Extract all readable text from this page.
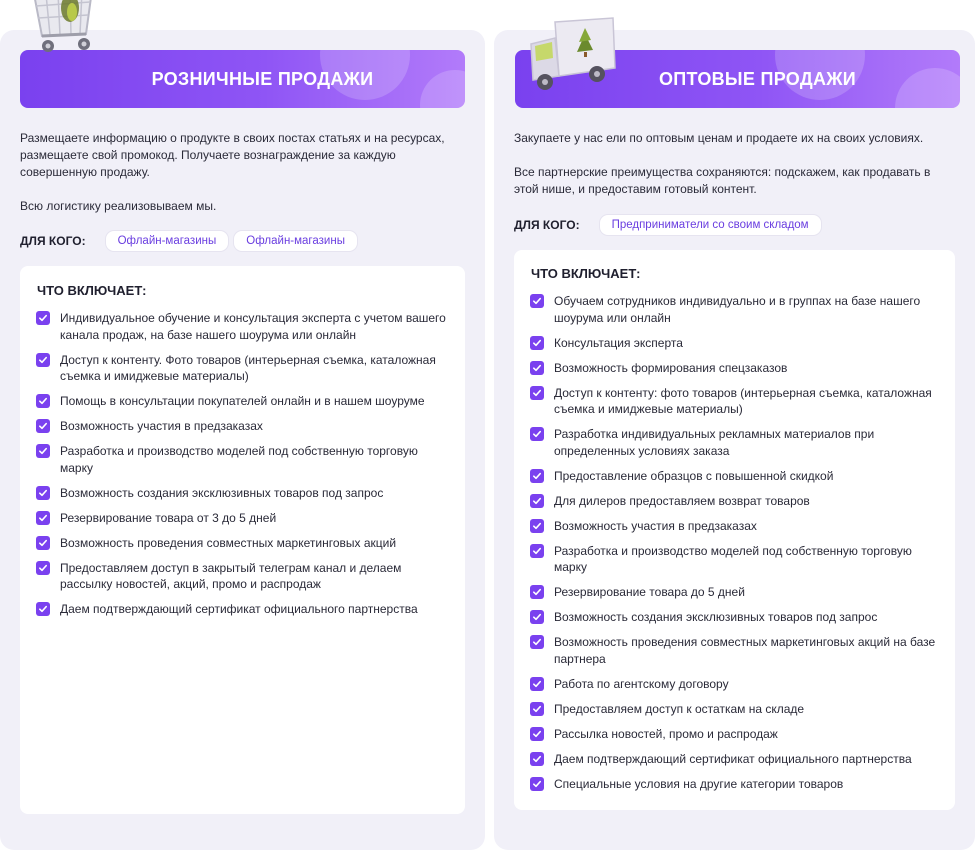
РОЗНИЧНЫЕ ПРОДАЖИ

Размещаете информацию о продукте в своих постах статьях и на ресурсах, размещаете свой промокод. Получаете вознаграждение за каждую совершенную продажу.

Всю логистику реализовываем мы.

ДЛЯ КОГО:	Офлайн-магазины	Офлайн-магазины
ЧТО ВКЛЮЧАЕТ:
Индивидуальное обучение и консультация эксперта с учетом вашего канала продаж, на базе нашего шоурума или онлайн
Доступ к контенту. Фото товаров (интерьерная съемка, каталожная съемка и имиджевые материалы)
Помощь в консультации покупателей онлайн и в нашем шоуруме
Возможность участия в предзаказах
Разработка и производство моделей под собственную торговую марку
Возможность создания эксклюзивных товаров под запрос
Резервирование товара от 3 до 5 дней
Возможность проведения совместных маркетинговых акций
Предоставляем доступ в закрытый телеграм канал и делаем рассылку новостей, акций, промо и распродаж
Даем подтверждающий сертификат официального партнерства
ОПТОВЫЕ ПРОДАЖИ

Закупаете у нас ели по оптовым ценам и продаете их на своих условиях.

Все партнерские преимущества сохраняются: подскажем, как продавать в этой нише, и предоставим готовый контент.

ДЛЯ КОГО:	Предприниматели со своим складом
ЧТО ВКЛЮЧАЕТ:
Обучаем сотрудников индивидуально и в группах на базе нашего шоурума или онлайн
Консультация эксперта
Возможность формирования спецзаказов
Доступ к контенту: фото товаров (интерьерная съемка, каталожная съемка и имиджевые материалы)
Разработка индивидуальных рекламных материалов при определенных условиях заказа
Предоставление образцов с повышенной скидкой
Для дилеров предоставляем возврат товаров
Возможность участия в предзаказах
Разработка и производство моделей под собственную торговую марку
Резервирование товара до 5 дней
Возможность создания эксклюзивных товаров под запрос
Возможность проведения совместных маркетинговых акций на базе партнера
Работа по агентскому договору
Предоставляем доступ к остаткам на складе
Рассылка новостей, промо и распродаж
Даем подтверждающий сертификат официального партнерства
Специальные условия на другие категории товаров
